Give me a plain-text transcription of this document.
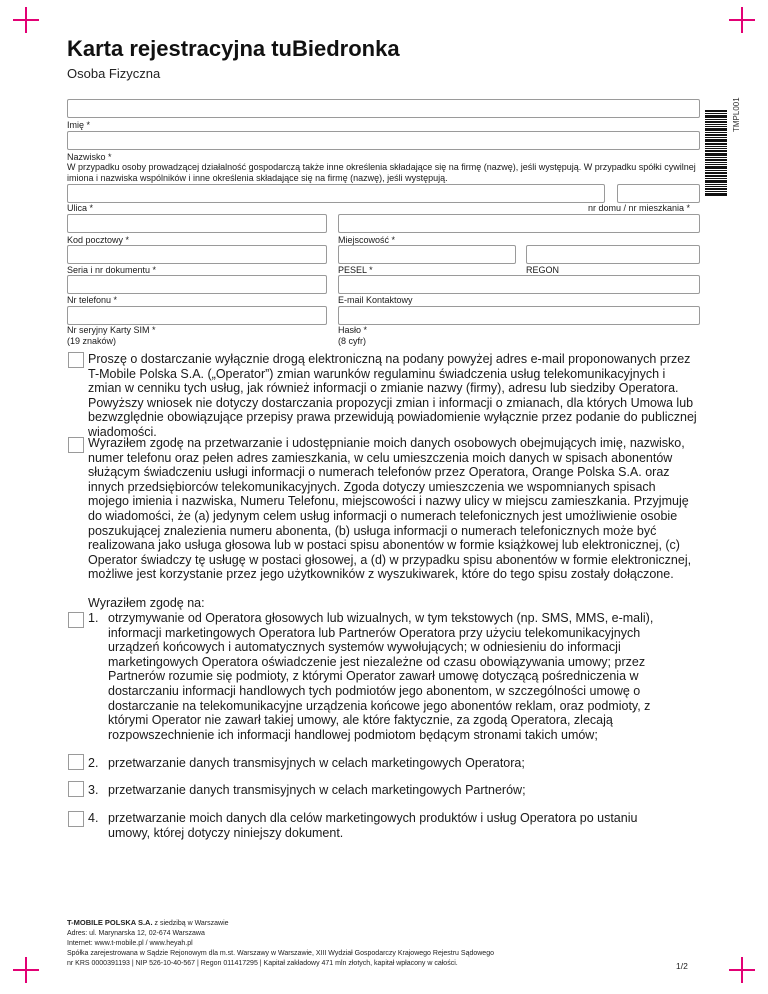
Karta rejestracyjna tuBiedronka
Osoba Fizyczna
TMPL001
Imię *
Nazwisko *
W przypadku osoby prowadzącej działalność gospodarczą także inne określenia składające się na firmę (nazwę), jeśli występują. W przypadku spółki cywilnej imiona i nazwiska wspólników i inne określenia składające się na firmę (nazwę), jeśli występują.
Ulica *	nr domu / nr mieszkania *
Kod pocztowy *	Miejscowość *
Seria i nr dokumentu *	PESEL *	REGON
Nr telefonu *	E-mail Kontaktowy
Nr seryjny Karty SIM *
(19 znaków)
Hasło *
(8 cyfr)
Proszę o dostarczanie wyłącznie drogą elektroniczną na podany powyżej adres e-mail proponowanych przez T-Mobile Polska S.A. („Operator”) zmian warunków regulaminu świadczenia usług telekomunikacyjnych i zmian w cenniku tych usług, jak również informacji o zmianie nazwy (firmy), adresu lub siedziby Operatora. Powyższy wniosek nie dotyczy dostarczania propozycji zmian i informacji o zmianach, dla których Umowa lub bezwzględnie obowiązujące przepisy prawa przewidują powiadomienie wyłącznie przez podanie do publicznej wiadomości.
Wyraziłem zgodę na przetwarzanie i udostępnianie moich danych osobowych obejmujących imię, nazwisko, numer telefonu oraz pełen adres zamieszkania, w celu umieszczenia moich danych w spisach abonentów służącym świadczeniu usługi informacji o numerach telefonów przez Operatora, Orange Polska S.A. oraz innych przedsiębiorców telekomunikacyjnych. Zgoda dotyczy umieszczenia we wspomnianych spisach mojego imienia i nazwiska, Numeru Telefonu, miejscowości i nazwy ulicy w miejscu zamieszkania. Przyjmuję do wiadomości, że (a) jedynym celem usług informacji o numerach telefonicznych jest umożliwienie osobie poszukującej znalezienia numeru abonenta, (b) usługa informacji o numerach telefonicznych może być realizowana jako usługa głosowa lub w postaci spisu abonentów w formie książkowej lub elektronicznej, (c) Operator świadczy tę usługę w postaci głosowej, a (d) w przypadku spisu abonentów w formie elektronicznej, możliwe jest korzystanie przez jego użytkowników z wyszukiwarek, które do tego spisu zostały dołączone.
Wyraziłem zgodę na:
1. otrzymywanie od Operatora głosowych lub wizualnych, w tym tekstowych (np. SMS, MMS, e-mali), informacji marketingowych Operatora lub Partnerów Operatora przy użyciu telekomunikacyjnych urządzeń końcowych i automatycznych systemów wywołujących; w odniesieniu do informacji marketingowych Operatora oświadczenie jest niezależne od czasu obowiązywania umowy; przez Partnerów rozumie się podmioty, z którymi Operator zawarł umowę dotyczącą pośredniczenia w dostarczaniu informacji handlowych tych podmiotów jego abonentom, w szczególności umowę o dostarczanie na telekomunikacyjne urządzenia końcowe jego abonentów reklam, oraz podmioty, z którymi Operator nie zawarł takiej umowy, ale które faktycznie, za zgodą Operatora, zlecają rozpowszechnienie ich informacji handlowej podmiotom będącym stronami takich umów;
2. przetwarzanie danych transmisyjnych w celach marketingowych Operatora;
3. przetwarzanie danych transmisyjnych w celach marketingowych Partnerów;
4. przetwarzanie moich danych dla celów marketingowych produktów i usług Operatora po ustaniu umowy, której dotyczy niniejszy dokument.
T-MOBILE POLSKA S.A. z siedzibą w Warszawie
Adres: ul. Marynarska 12, 02-674 Warszawa
Internet: www.t-mobile.pl / www.heyah.pl
Spółka zarejestrowana w Sądzie Rejonowym dla m.st. Warszawy w Warszawie, XIII Wydział Gospodarczy Krajowego Rejestru Sądowego
nr KRS 0000391193 | NIP 526-10-40-567 | Regon 011417295 | Kapitał zakładowy 471 mln złotych, kapitał wpłacony w całości.	1/2
